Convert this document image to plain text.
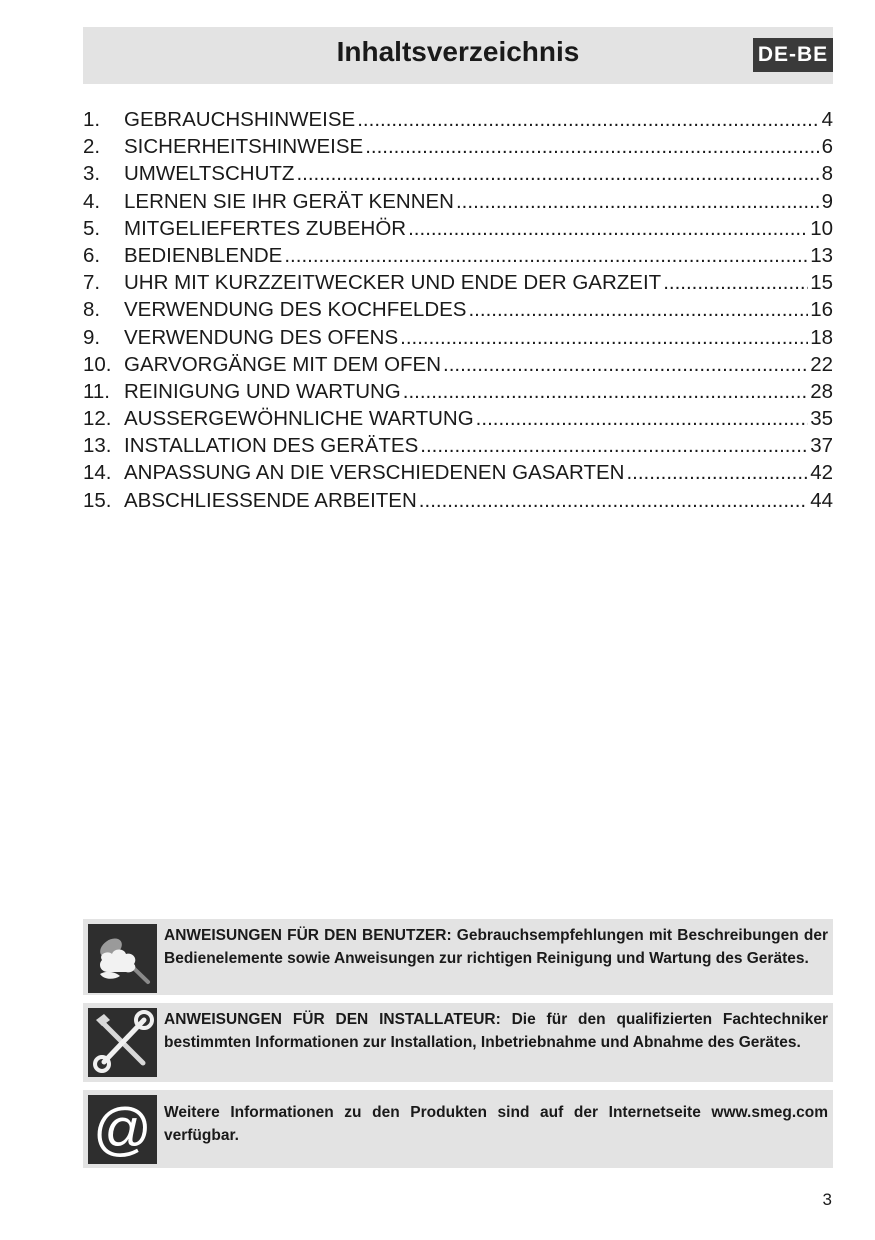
Inhaltsverzeichnis	DE-BE
1.	GEBRAUCHSHINWEISE .....	4
2.	SICHERHEITSHINWEISE .....	6
3.	UMWELTSCHUTZ .....	8
4.	LERNEN SIE IHR GERÄT KENNEN .....	9
5.	MITGELIEFERTES ZUBEHÖR .....	10
6.	BEDIENBLENDE .....	13
7.	UHR MIT KURZZEITWECKER UND ENDE DER GARZEIT .....	15
8.	VERWENDUNG DES KOCHFELDES .....	16
9.	VERWENDUNG DES OFENS .....	18
10. GARVORGÄNGE MIT DEM OFEN .....	22
11. REINIGUNG UND WARTUNG .....	28
12. AUSSERGEWÖHNLICHE WARTUNG .....	35
13. INSTALLATION DES GERÄTES .....	37
14. ANPASSUNG AN DIE VERSCHIEDENEN GASARTEN .....	42
15. ABSCHLIESSENDE ARBEITEN .....	44
ANWEISUNGEN FÜR DEN BENUTZER: Gebrauchsempfehlungen mit Beschreibungen der Bedienelemente sowie Anweisungen zur richtigen Reinigung und Wartung des Gerätes.
ANWEISUNGEN FÜR DEN INSTALLATEUR: Die für den qualifizierten Fachtechniker bestimmten Informationen zur Installation, Inbetriebnahme und Abnahme des Gerätes.
@ Weitere Informationen zu den Produkten sind auf der Internetseite www.smeg.com verfügbar.
3
